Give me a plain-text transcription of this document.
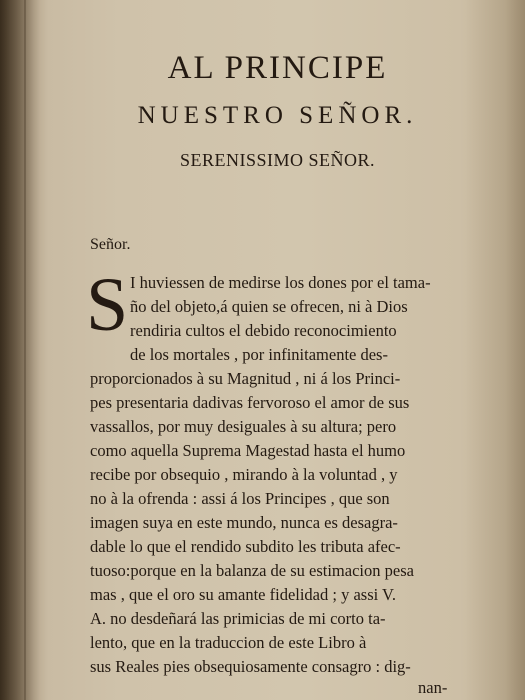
AL PRINCIPE
NUESTRO SEÑOR.
SERENISSIMO SEÑOR.
Señor.
S I huviessen de medirse los dones por el tama-
ño del objeto,á quien se ofrecen, ni à Dios
rendiria cultos el debido reconocimiento
de los mortales , por infinitamente des-
proporcionados à su Magnitud , ni á los Princi-
pes presentaria dadivas fervoroso el amor de sus
vassallos, por muy desiguales à su altura; pero
como aquella Suprema Magestad hasta el humo
recibe por obsequio , mirando à la voluntad , y
no à la ofrenda : assi á los Principes , que son
imagen suya en este mundo, nunca es desagra-
dable lo que el rendido subdito les tributa afec-
tuoso:porque en la balanza de su estimacion pesa
mas , que el oro su amante fidelidad ; y assi V.
A. no desdeñará las primicias de mi corto ta-
lento, que en la traduccion de este Libro à
sus Reales pies obsequiosamente consagro : dig-
nan-
